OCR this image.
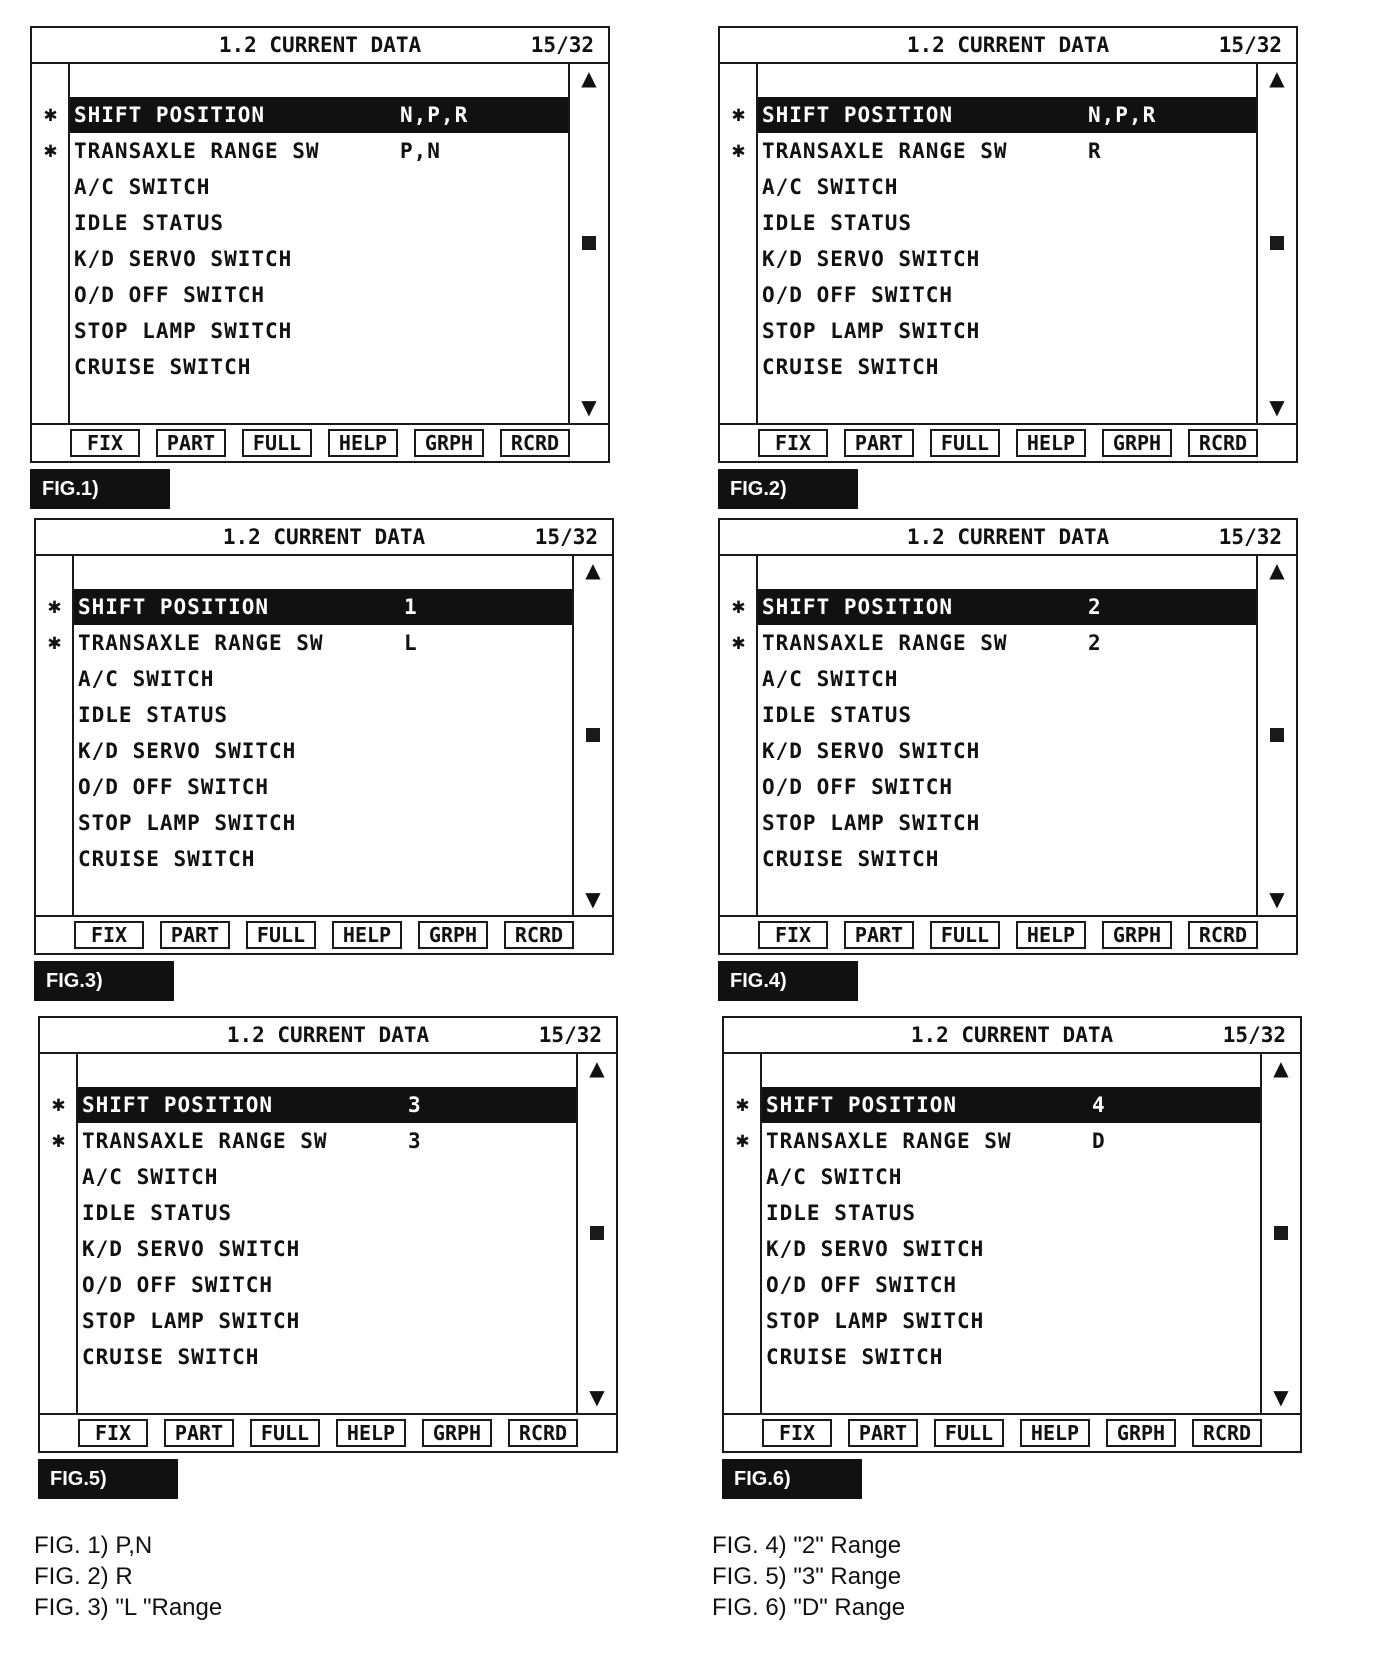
1.2 CURRENT DATA	15/32
▲
▼
✱ SHIFT POSITION	N,P,R
✱ TRANSAXLE RANGE SW	P,N
A/C SWITCH
IDLE STATUS
K/D SERVO SWITCH
O/D OFF SWITCH
STOP LAMP SWITCH
CRUISE SWITCH
FIX	PART	FULL	HELP	GRPH	RCRD
FIG.1)
1.2 CURRENT DATA	15/32
▲
▼
✱ SHIFT POSITION	N,P,R
✱ TRANSAXLE RANGE SW	R
A/C SWITCH
IDLE STATUS
K/D SERVO SWITCH
O/D OFF SWITCH
STOP LAMP SWITCH
CRUISE SWITCH
FIX	PART	FULL	HELP	GRPH	RCRD
FIG.2)
1.2 CURRENT DATA	15/32
▲
▼
✱ SHIFT POSITION	1
✱ TRANSAXLE RANGE SW	L
A/C SWITCH
IDLE STATUS
K/D SERVO SWITCH
O/D OFF SWITCH
STOP LAMP SWITCH
CRUISE SWITCH
FIX	PART	FULL	HELP	GRPH	RCRD
FIG.3)
1.2 CURRENT DATA	15/32
▲
▼
✱ SHIFT POSITION	2
✱ TRANSAXLE RANGE SW	2
A/C SWITCH
IDLE STATUS
K/D SERVO SWITCH
O/D OFF SWITCH
STOP LAMP SWITCH
CRUISE SWITCH
FIX	PART	FULL	HELP	GRPH	RCRD
FIG.4)
1.2 CURRENT DATA	15/32
▲
▼
✱ SHIFT POSITION	3
✱ TRANSAXLE RANGE SW	3
A/C SWITCH
IDLE STATUS
K/D SERVO SWITCH
O/D OFF SWITCH
STOP LAMP SWITCH
CRUISE SWITCH
FIX	PART	FULL	HELP	GRPH	RCRD
FIG.5)
1.2 CURRENT DATA	15/32
▲
▼
✱ SHIFT POSITION	4
✱ TRANSAXLE RANGE SW	D
A/C SWITCH
IDLE STATUS
K/D SERVO SWITCH
O/D OFF SWITCH
STOP LAMP SWITCH
CRUISE SWITCH
FIX	PART	FULL	HELP	GRPH	RCRD
FIG.6)
FIG. 1) P,N
FIG. 2) R
FIG. 3) "L "Range
FIG. 4) "2" Range
FIG. 5) "3" Range
FIG. 6) "D" Range
